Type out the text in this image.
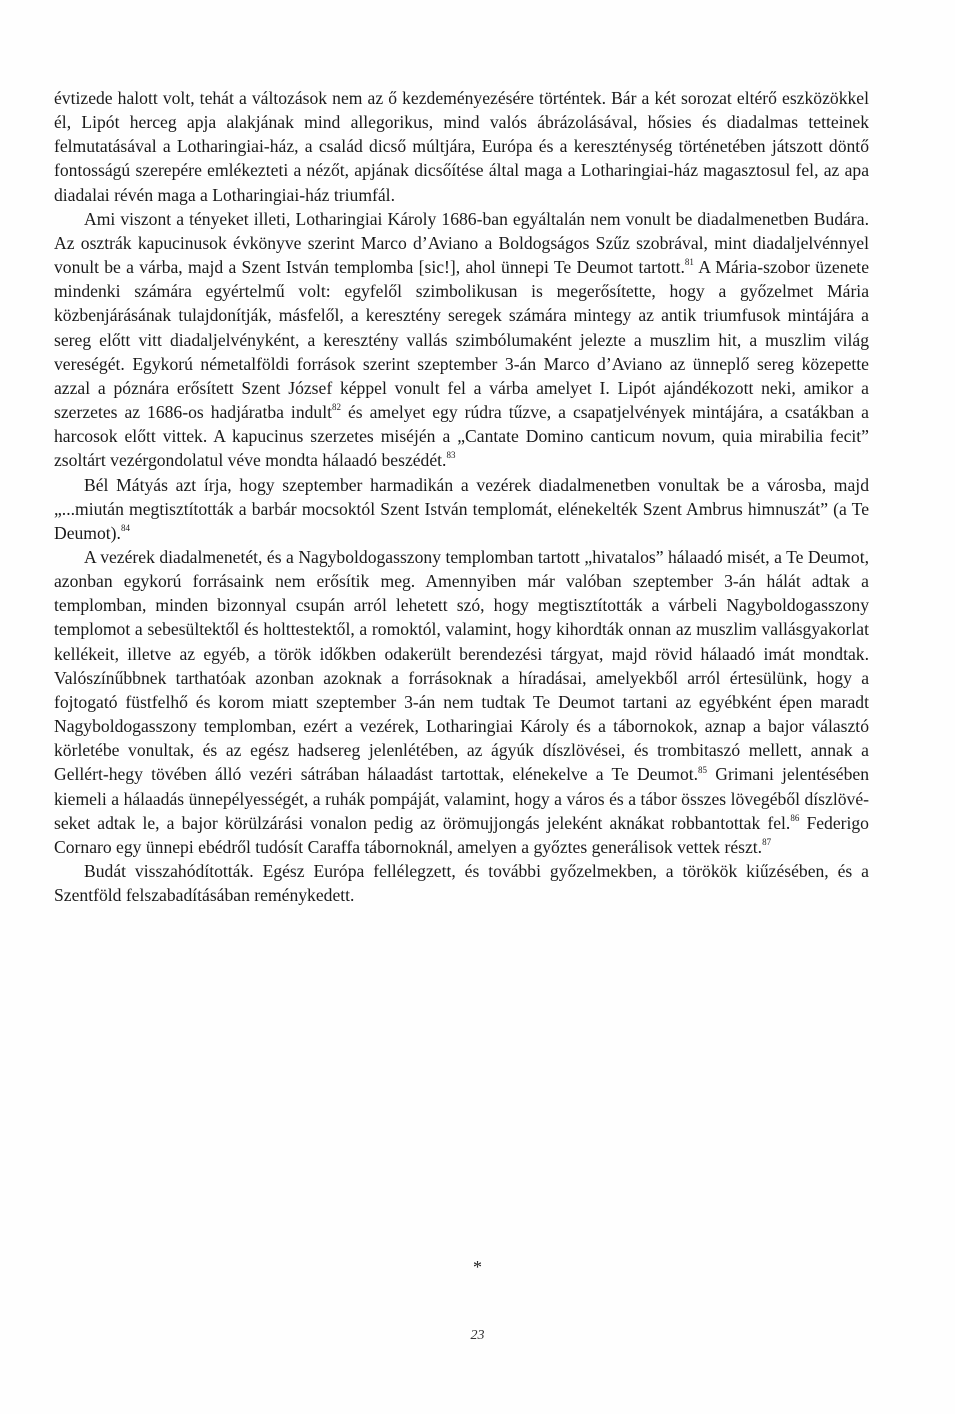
évtizede halott volt, tehát a változások nem az ő kezdeményezésére történtek. Bár a két sorozat eltérő eszközökkel él, Lipót herceg apja alakjának mind allegorikus, mind valós ábrázolásával, hősies és diadalmas tetteinek felmutatásával a Lotharingiai-ház, a család dicső múltjára, Európa és a kereszténység történetében játszott döntő fontosságú szerepére emlékezteti a nézőt, apjának dicsőítése által maga a Lotharingiai-ház magasztosul fel, az apa diadalai révén maga a Lotharingiai-ház triumfál.

Ami viszont a tényeket illeti, Lotharingiai Károly 1686-ban egyáltalán nem vonult be diadalmenetben Budára. Az osztrák kapucinusok évkönyve szerint Marco d’Aviano a Boldogságos Szűz szobrával, mint diadaljelvénnyel vonult be a várba, majd a Szent István templomba [sic!], ahol ünnepi Te Deumot tartott.$^{81}$ A Mária-szobor üzenete mindenki számára egyértelmű volt: egyfelől szimbolikusan is megerősítette, hogy a győzelmet Mária közbenjárásának tulajdonítják, másfelől, a keresztény seregek számára mintegy az antik triumfusok mintájára a sereg előtt vitt diadaljelvényként, a keresztény vallás szimbólumaként jelezte a muszlim hit, a muszlim világ vereségét. Egykorú németalföldi források szerint szeptember 3-án Marco d’Aviano az ünneplő sereg közepette azzal a póznára erősített Szent József képpel vonult fel a várba amelyet I. Lipót ajándékozott neki, amikor a szerzetes az 1686-os hadjáratba indult$^{82}$ és amelyet egy rúdra tűzve, a csapatjelvények mintájára, a csatákban a harcosok előtt vittek. A kapucinus szerzetes miséjén a „Cantate Domino canticum novum, quia mirabilia fecit” zsoltárt vezérgondolatul véve mondta hálaadó beszédét.$^{83}$

Bél Mátyás azt írja, hogy szeptember harmadikán a vezérek diadalmenetben vonultak be a városba, majd „...miután megtisztították a barbár mocsoktól Szent István templomát, elénekelték Szent Ambrus himnuszát” (a Te Deumot).$^{84}$

A vezérek diadalmenetét, és a Nagyboldogasszony templomban tartott „hivatalos” hálaadó misét, a Te Deumot, azonban egykorú forrásaink nem erősítik meg. Amennyiben már valóban szeptember 3-án hálát adtak a templomban, minden bizonnyal csupán arról lehetett szó, hogy megtisztították a várbeli Nagyboldogasszony templomot a sebesültektől és holttestektől, a romoktól, valamint, hogy kihordták onnan az muszlim vallásgyakorlat kellékeit, illetve az egyéb, a török időkben odakerült berendezési tárgyat, majd rövid hálaadó imát mondtak. Valószínűbbnek tarthatóak azonban azoknak a forrásoknak a híradásai, amelyekből arról értesülünk, hogy a fojtogató füstfelhő és korom miatt szeptember 3-án nem tudtak Te Deumot tartani az egyébként épen maradt Nagyboldogasszony templomban, ezért a vezérek, Lotharingiai Károly és a tábornokok, aznap a bajor választó körletébe vonultak, és az egész hadsereg jelenlétében, az ágyúk díszlövései, és trombitaszó mellett, annak a Gellért-hegy tövében álló vezéri sátrában hálaadást tartottak, elénekelve a Te Deumot.$^{85}$ Grimani jelentésében kiemeli a hálaadás ünnepélyességét, a ruhák pompáját, valamint, hogy a város és a tábor összes lövegéből díszlövéseket adtak le, a bajor körülzárási vonalon pedig az örömujjongás jeleként aknákat robbantottak fel.$^{86}$ Federigo Cornaro egy ünnepi ebédről tudósít Caraffa tábornoknál, amelyen a győztes generálisok vettek részt.$^{87}$

Budát visszahódították. Egész Európa fellélegzett, és további győzelmekben, a törökök kiűzésében, és a Szentföld felszabadításában reménykedett.

*
23
